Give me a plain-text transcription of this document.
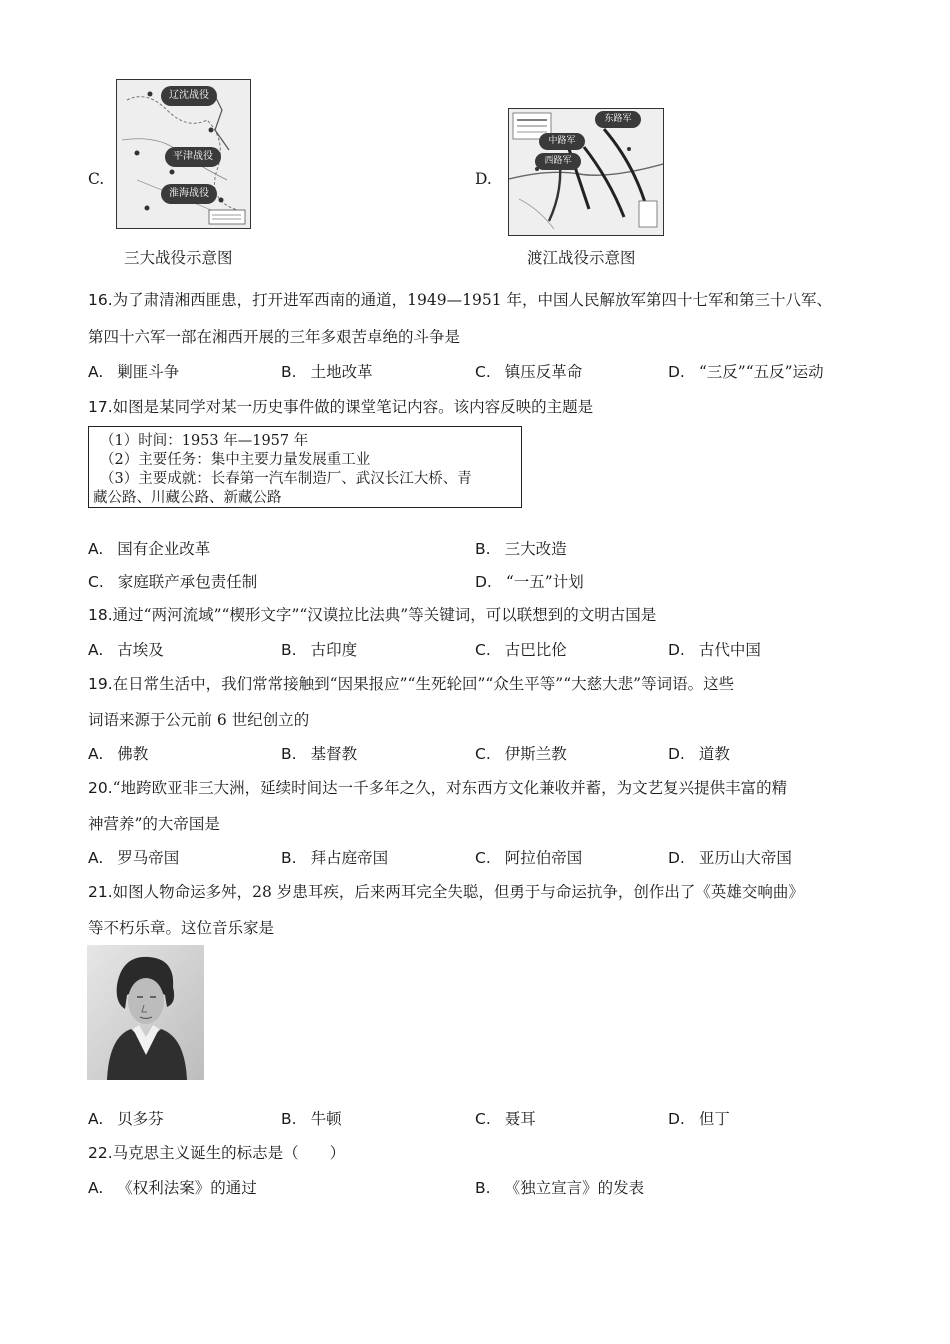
C.
辽沈战役
平津战役
淮海战役
三大战役示意图
D.
东路军
中路军
西路军
渡江战役示意图
16.为了肃清湘西匪患，打开进军西南的通道，1949—1951 年，中国人民解放军第四十七军和第三十八军、
第四十六军一部在湘西开展的三年多艰苦卓绝的斗争是
A. 剿匪斗争	B. 土地改革	C. 镇压反革命	D. “三反”“五反”运动
17.如图是某同学对某一历史事件做的课堂笔记内容。该内容反映的主题是
（1）时间：1953 年—1957 年
（2）主要任务：集中主要力量发展重工业
（3）主要成就：长春第一汽车制造厂、武汉长江大桥、青
藏公路、川藏公路、新藏公路
A. 国有企业改革	B. 三大改造
C. 家庭联产承包责任制	D. “一五”计划
18.通过“两河流域”“楔形文字”“汉谟拉比法典”等关键词，可以联想到的文明古国是
A. 古埃及	B. 古印度	C. 古巴比伦	D. 古代中国
19.在日常生活中，我们常常接触到“因果报应”“生死轮回”“众生平等”“大慈大悲”等词语。这些
词语来源于公元前 6 世纪创立的
A. 佛教	B. 基督教	C. 伊斯兰教	D. 道教
20.“地跨欧亚非三大洲，延续时间达一千多年之久，对东西方文化兼收并蓄，为文艺复兴提供丰富的精
神营养”的大帝国是
A. 罗马帝国	B. 拜占庭帝国	C. 阿拉伯帝国	D. 亚历山大帝国
21.如图人物命运多舛，28 岁患耳疾，后来两耳完全失聪，但勇于与命运抗争，创作出了《英雄交响曲》
等不朽乐章。这位音乐家是
A. 贝多芬	B. 牛顿	C. 聂耳	D. 但丁
22.马克思主义诞生的标志是（　　）
A. 《权利法案》的通过	B. 《独立宣言》的发表
